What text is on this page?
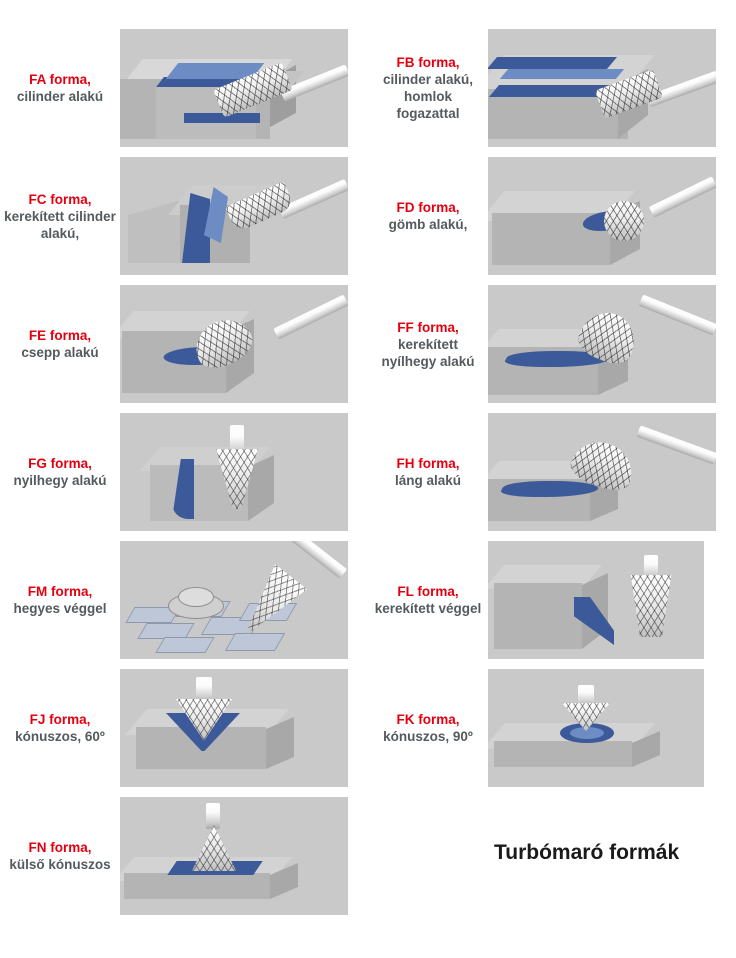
FA forma,
cilinder alakú
FB forma,
cilinder alakú, homlok fogazattal
FC forma,
kerekített cilinder alakú,
FD forma,
gömb alakú,
FE forma,
csepp alakú
FF forma,
kerekített nyílhegy alakú
FG forma,
nyilhegy alakú
FH forma,
láng alakú
FM forma,
hegyes véggel
FL forma,
kerekített véggel
FJ forma,
kónuszos, 60º
FK forma,
kónuszos, 90º
FN forma,
külső kónuszos
Turbómaró formák
